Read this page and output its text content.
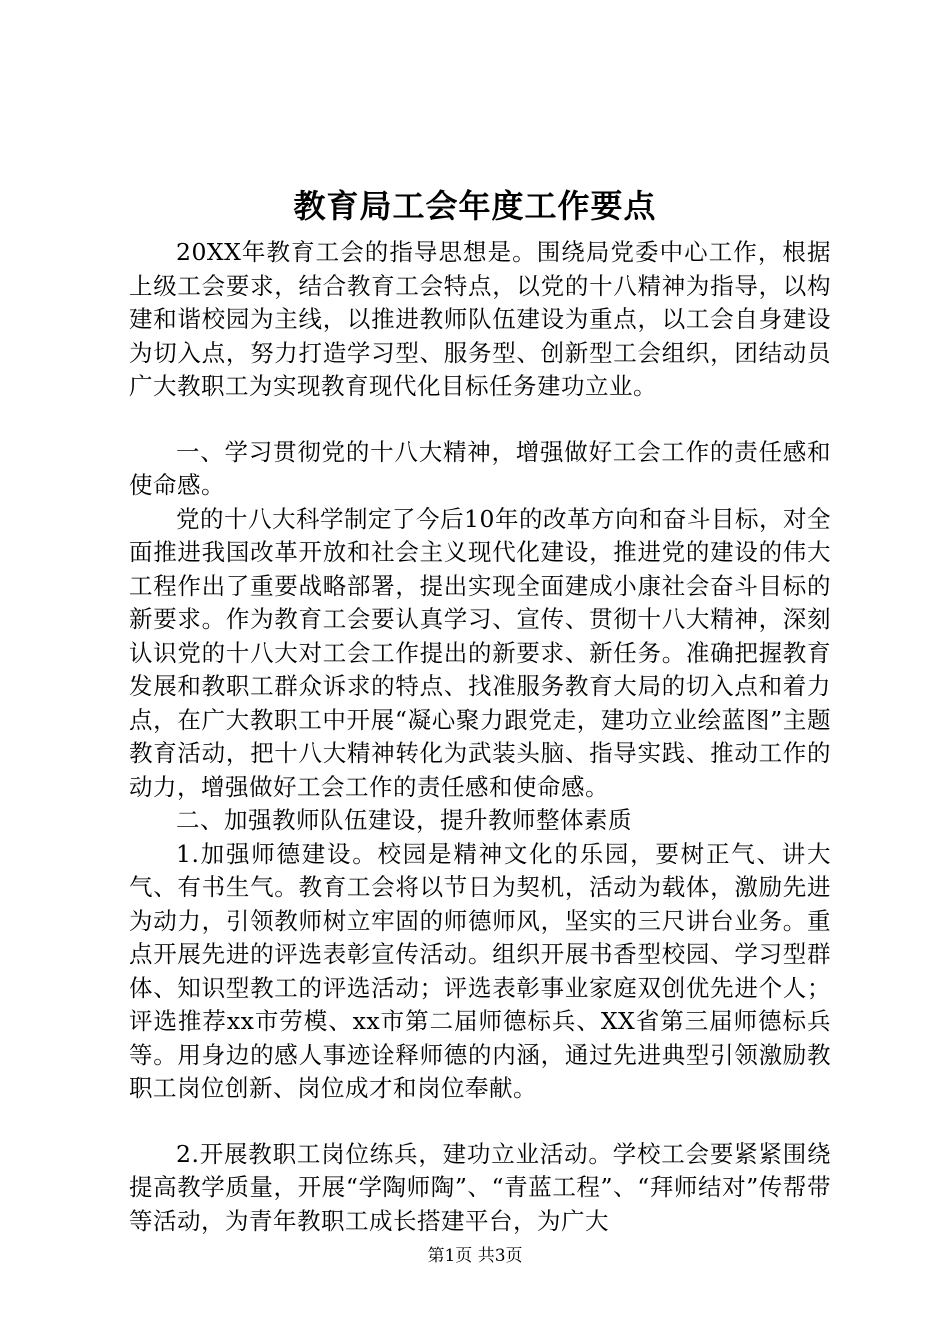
教育局工会年度工作要点

20XX年教育工会的指导思想是。围绕局党委中心工作，根据上级工会要求，结合教育工会特点，以党的十八精神为指导，以构建和谐校园为主线，以推进教师队伍建设为重点，以工会自身建设为切入点，努力打造学习型、服务型、创新型工会组织，团结动员广大教职工为实现教育现代化目标任务建功立业。

一、学习贯彻党的十八大精神，增强做好工会工作的责任感和使命感。

党的十八大科学制定了今后10年的改革方向和奋斗目标，对全面推进我国改革开放和社会主义现代化建设，推进党的建设的伟大工程作出了重要战略部署，提出实现全面建成小康社会奋斗目标的新要求。作为教育工会要认真学习、宣传、贯彻十八大精神，深刻认识党的十八大对工会工作提出的新要求、新任务。准确把握教育发展和教职工群众诉求的特点、找准服务教育大局的切入点和着力点，在广大教职工中开展“凝心聚力跟党走，建功立业绘蓝图”主题教育活动，把十八大精神转化为武装头脑、指导实践、推动工作的动力，增强做好工会工作的责任感和使命感。

二、加强教师队伍建设，提升教师整体素质

1.加强师德建设。校园是精神文化的乐园，要树正气、讲大气、有书生气。教育工会将以节日为契机，活动为载体，激励先进为动力，引领教师树立牢固的师德师风，坚实的三尺讲台业务。重点开展先进的评选表彰宣传活动。组织开展书香型校园、学习型群体、知识型教工的评选活动；评选表彰事业家庭双创优先进个人；评选推荐xx市劳模、xx市第二届师德标兵、XX省第三届师德标兵等。用身边的感人事迹诠释师德的内涵，通过先进典型引领激励教职工岗位创新、岗位成才和岗位奉献。

2.开展教职工岗位练兵，建功立业活动。学校工会要紧紧围绕提高教学质量，开展“学陶师陶”、“青蓝工程”、“拜师结对”传帮带等活动，为青年教职工成长搭建平台，为广大

第1页 共3页
